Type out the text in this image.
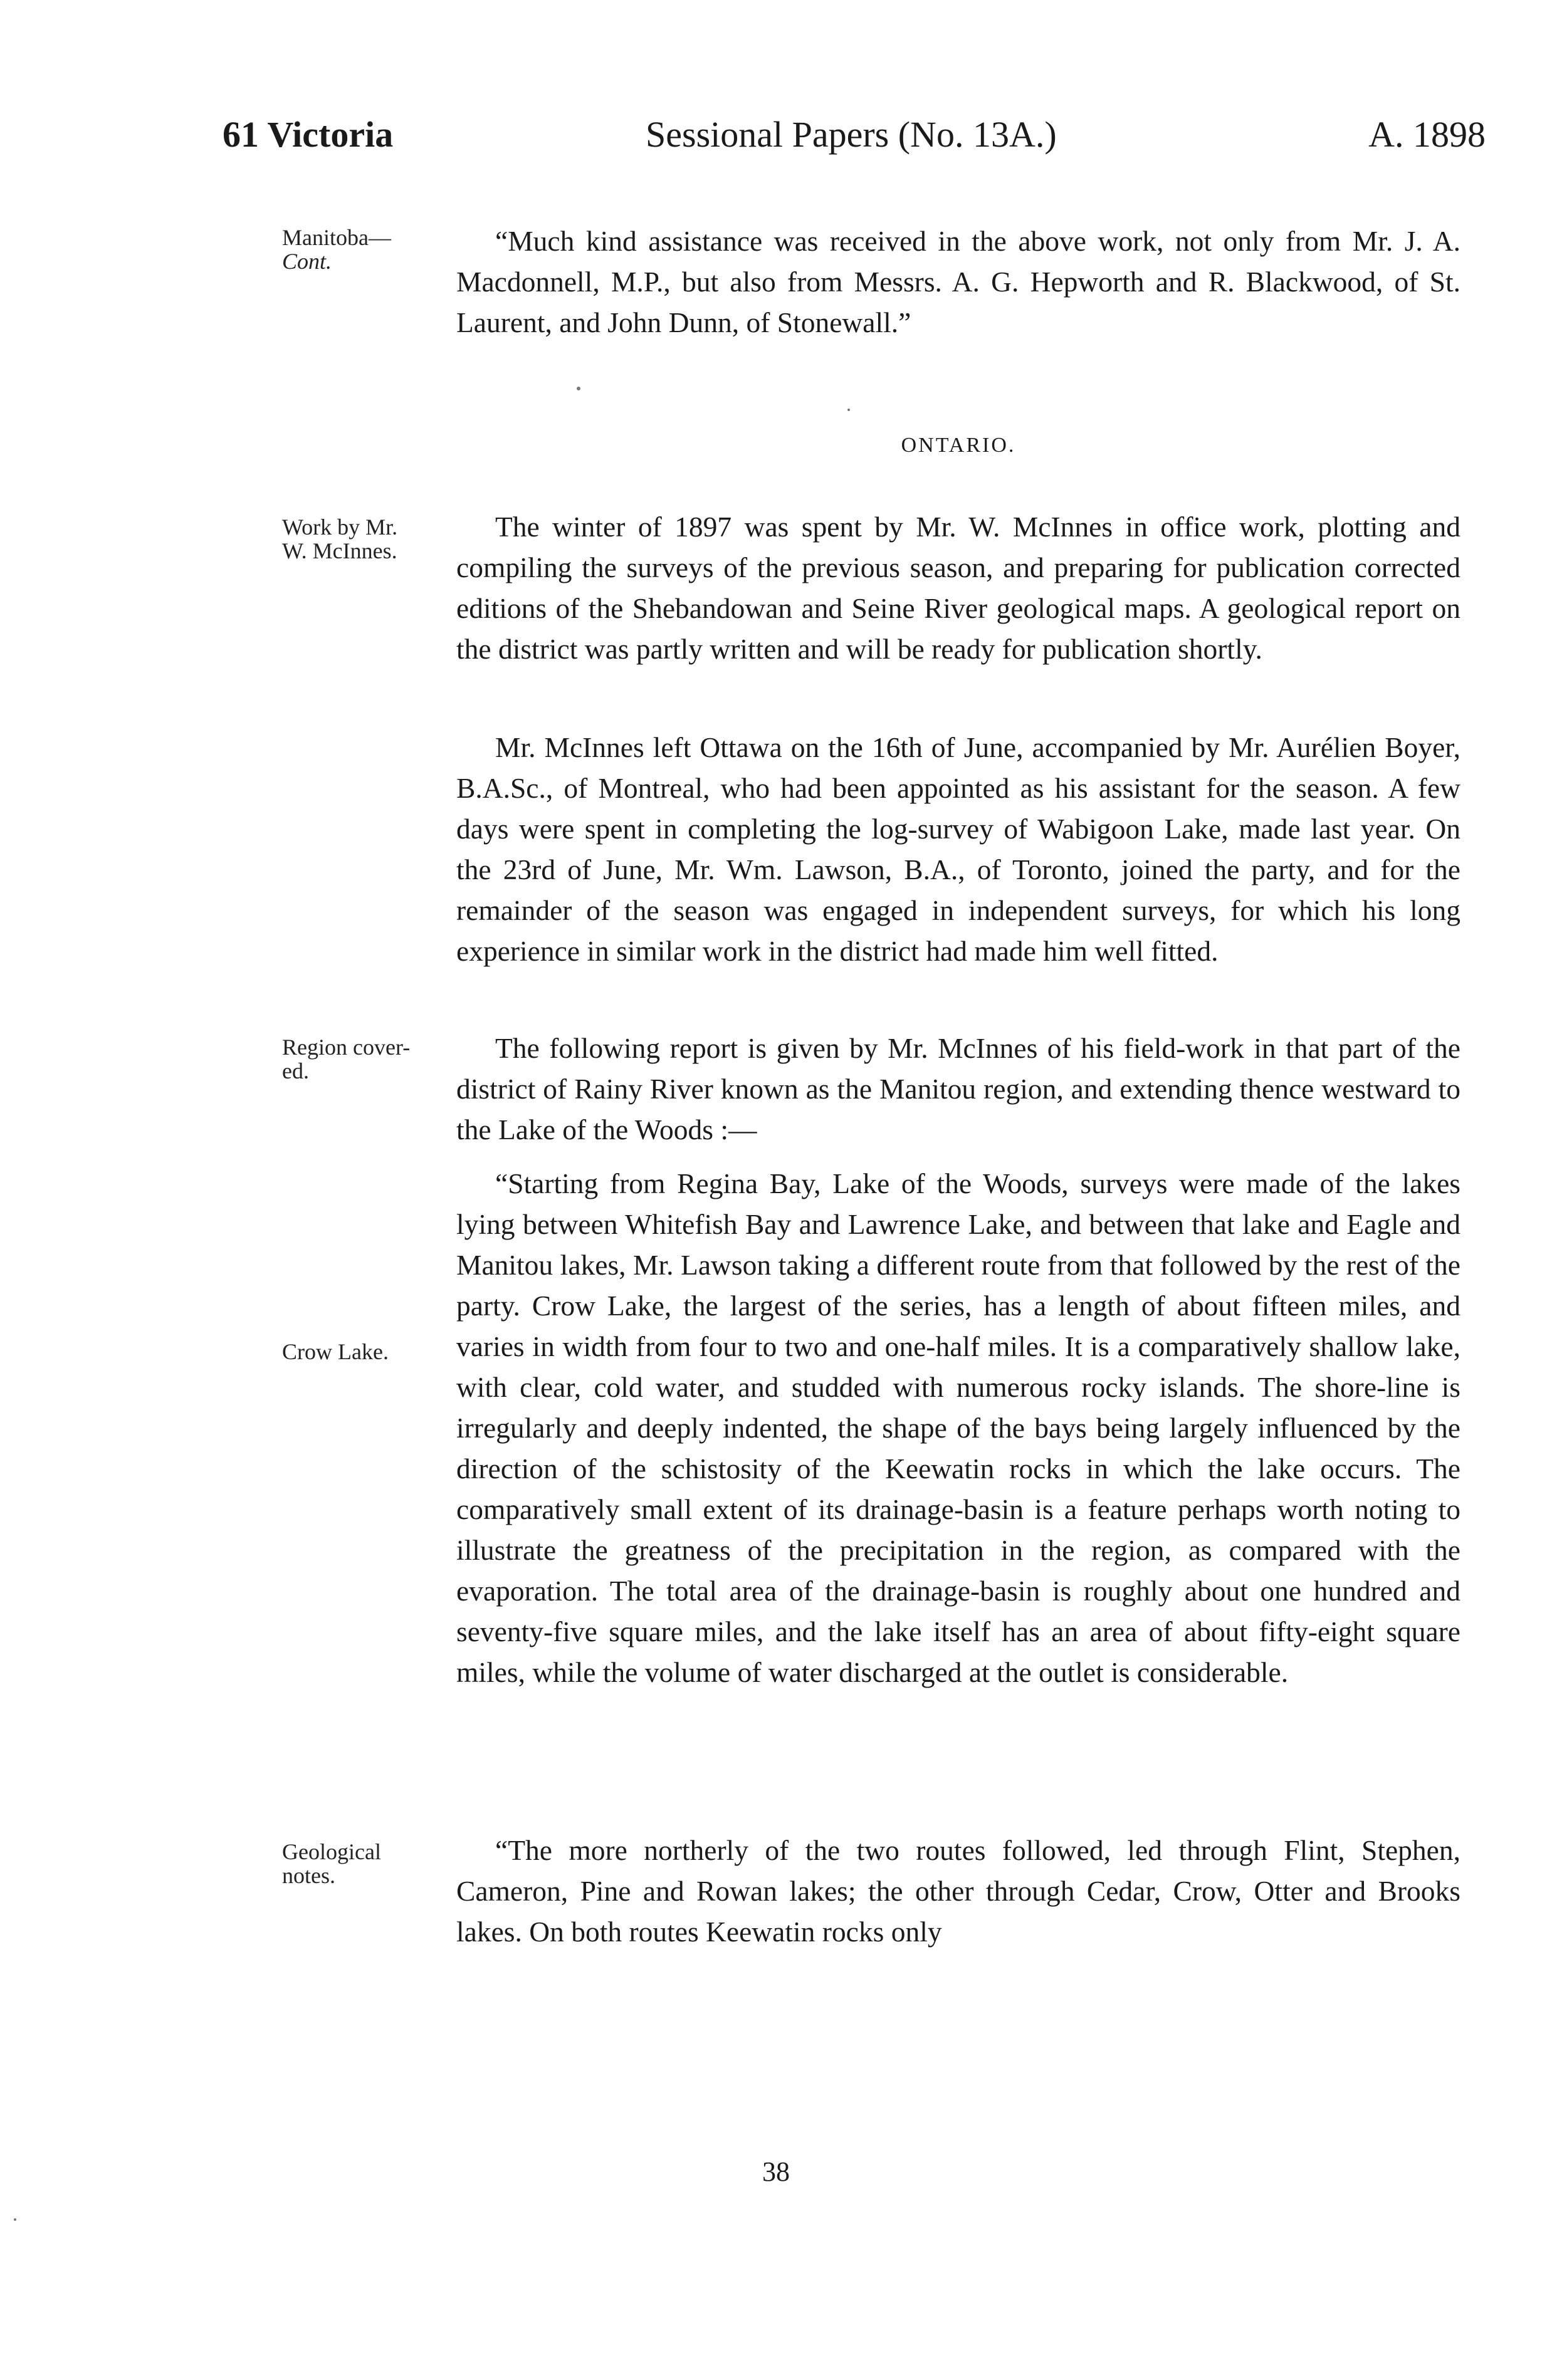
61 Victoria	Sessional Papers (No. 13A.)	A. 1898
Manitoba—
Cont.
Work by Mr.
W. McInnes.
Region cover-
ed.
Crow Lake.
Geological
notes.

“Much kind assistance was received in the above work, not only from Mr. J. A. Macdonnell, M.P., but also from Messrs. A. G. Hepworth and R. Blackwood, of St. Laurent, and John Dunn, of Stonewall.”

ONTARIO.

The winter of 1897 was spent by Mr. W. McInnes in office work, plotting and compiling the surveys of the previous season, and preparing for publication corrected editions of the Shebandowan and Seine River geological maps. A geological report on the district was partly written and will be ready for publication shortly.

Mr. McInnes left Ottawa on the 16th of June, accompanied by Mr. Aurélien Boyer, B.A.Sc., of Montreal, who had been appointed as his assistant for the season. A few days were spent in completing the log-survey of Wabigoon Lake, made last year. On the 23rd of June, Mr. Wm. Lawson, B.A., of Toronto, joined the party, and for the remainder of the season was engaged in independent surveys, for which his long experience in similar work in the district had made him well fitted.

The following report is given by Mr. McInnes of his field-work in that part of the district of Rainy River known as the Manitou region, and extending thence westward to the Lake of the Woods :—

“Starting from Regina Bay, Lake of the Woods, surveys were made of the lakes lying between Whitefish Bay and Lawrence Lake, and between that lake and Eagle and Manitou lakes, Mr. Lawson taking a different route from that followed by the rest of the party. Crow Lake, the largest of the series, has a length of about fifteen miles, and varies in width from four to two and one-half miles. It is a comparatively shallow lake, with clear, cold water, and studded with numerous rocky islands. The shore-line is irregularly and deeply indented, the shape of the bays being largely influenced by the direction of the schistosity of the Keewatin rocks in which the lake occurs. The comparatively small extent of its drainage-basin is a feature perhaps worth noting to illustrate the greatness of the precipitation in the region, as compared with the evaporation. The total area of the drainage-basin is roughly about one hundred and seventy-five square miles, and the lake itself has an area of about fifty-eight square miles, while the volume of water discharged at the outlet is considerable.

“The more northerly of the two routes followed, led through Flint, Stephen, Cameron, Pine and Rowan lakes; the other through Cedar, Crow, Otter and Brooks lakes. On both routes Keewatin rocks only

38
